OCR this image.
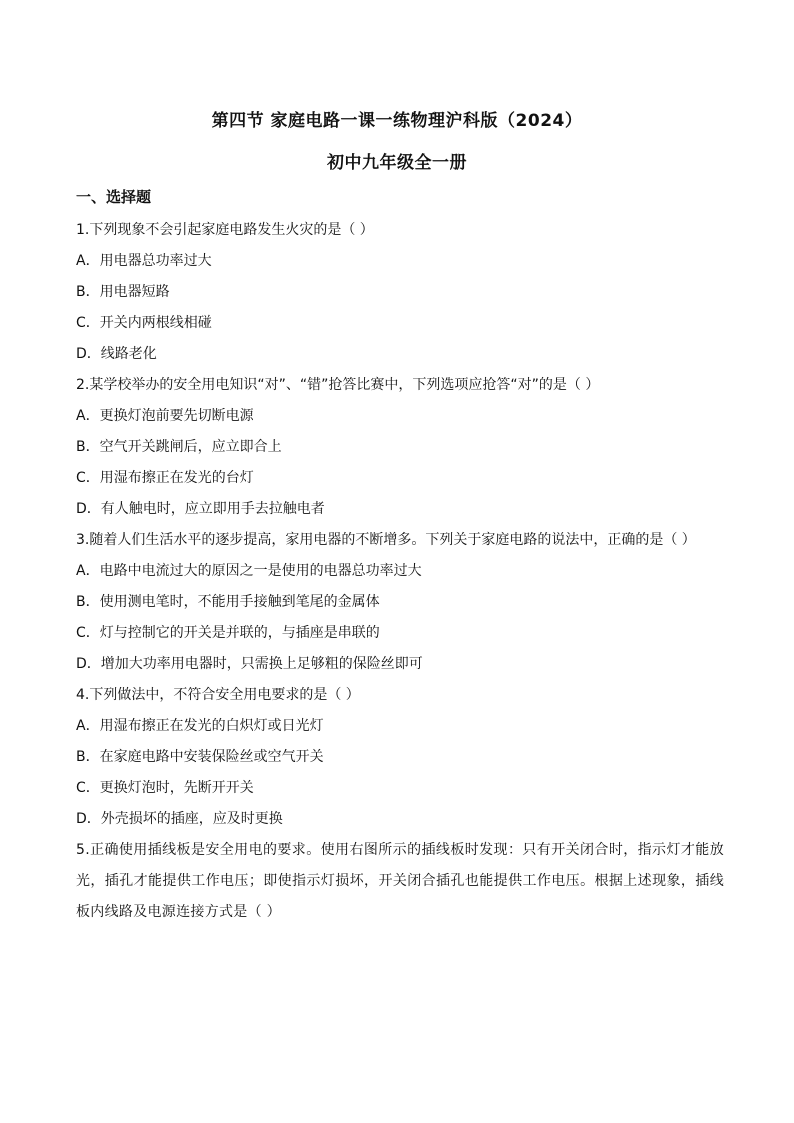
第四节 家庭电路一课一练物理沪科版（2024）
初中九年级全一册
一、选择题
1.下列现象不会引起家庭电路发生火灾的是（ ）
A．用电器总功率过大
B．用电器短路
C．开关内两根线相碰
D．线路老化
2.某学校举办的安全用电知识“对”、“错”抢答比赛中，下列选项应抢答“对”的是（ ）
A．更换灯泡前要先切断电源
B．空气开关跳闸后，应立即合上
C．用湿布擦正在发光的台灯
D．有人触电时，应立即用手去拉触电者
3.随着人们生活水平的逐步提高，家用电器的不断增多。下列关于家庭电路的说法中，正确的是（ ）
A．电路中电流过大的原因之一是使用的电器总功率过大
B．使用测电笔时，不能用手接触到笔尾的金属体
C．灯与控制它的开关是并联的，与插座是串联的
D．增加大功率用电器时，只需换上足够粗的保险丝即可
4.下列做法中，不符合安全用电要求的是（ ）
A．用湿布擦正在发光的白炽灯或日光灯
B．在家庭电路中安装保险丝或空气开关
C．更换灯泡时，先断开开关
D．外壳损坏的插座，应及时更换
5.正确使用插线板是安全用电的要求。使用右图所示的插线板时发现：只有开关闭合时，指示灯才能放光，插孔才能提供工作电压；即使指示灯损坏，开关闭合插孔也能提供工作电压。根据上述现象，插线板内线路及电源连接方式是（ ）
